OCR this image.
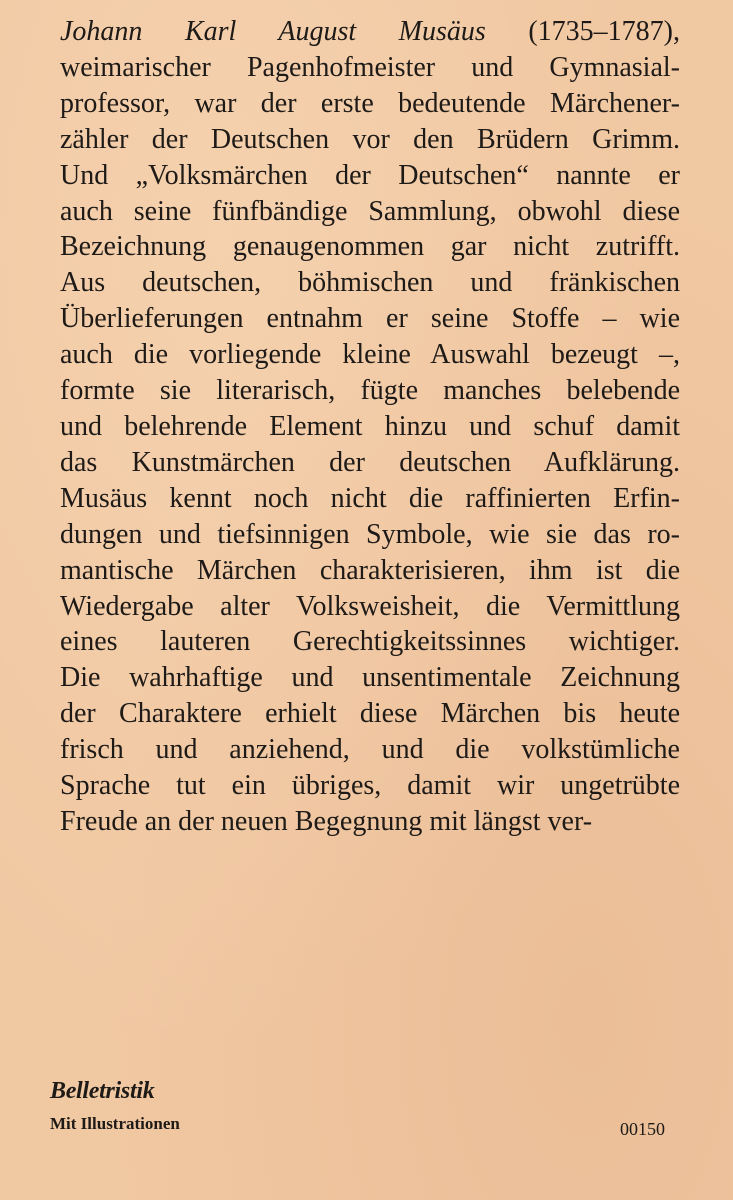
Johann Karl August Musäus (1735–1787),
weimarischer Pagenhofmeister und Gymnasial-
professor, war der erste bedeutende Märchener-
zähler der Deutschen vor den Brüdern Grimm.
Und „Volksmärchen der Deutschen“ nannte er
auch seine fünfbändige Sammlung, obwohl diese
Bezeichnung genaugenommen gar nicht zutrifft.
Aus deutschen, böhmischen und fränkischen
Überlieferungen entnahm er seine Stoffe – wie
auch die vorliegende kleine Auswahl bezeugt –,
formte sie literarisch, fügte manches belebende
und belehrende Element hinzu und schuf damit
das Kunstmärchen der deutschen Aufklärung.
Musäus kennt noch nicht die raffinierten Erfin-
dungen und tiefsinnigen Symbole, wie sie das ro-
mantische Märchen charakterisieren, ihm ist die
Wiedergabe alter Volksweisheit, die Vermittlung
eines lauteren Gerechtigkeitssinnes wichtiger.
Die wahrhaftige und unsentimentale Zeichnung
der Charaktere erhielt diese Märchen bis heute
frisch und anziehend, und die volkstümliche
Sprache tut ein übriges, damit wir ungetrübte
Freude an der neuen Begegnung mit längst ver-
Belletristik
Mit Illustrationen	00150
